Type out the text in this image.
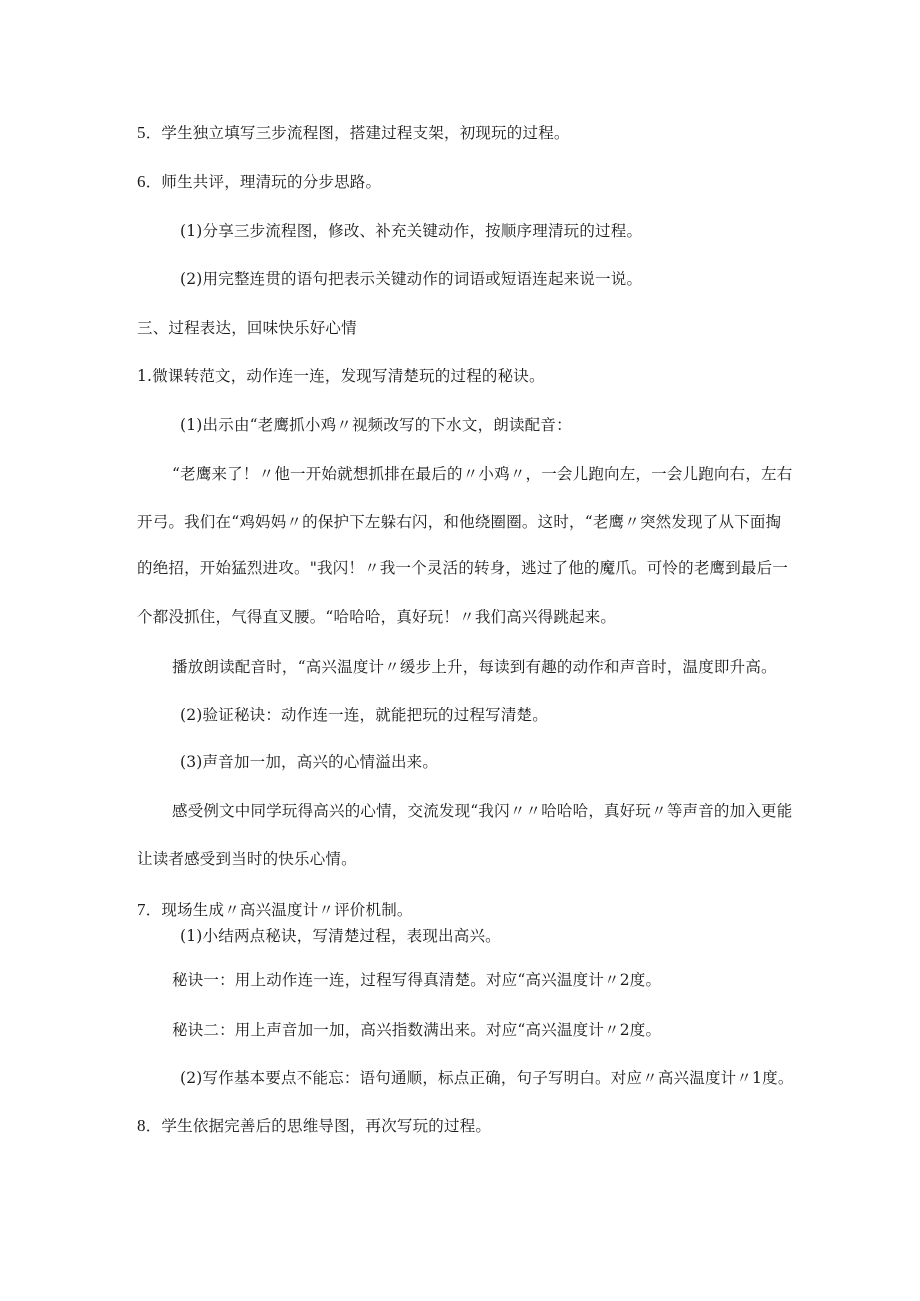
5．学生独立填写三步流程图，搭建过程支架，初现玩的过程。
6．师生共评，理清玩的分步思路。
(1)分享三步流程图，修改、补充关键动作，按顺序理清玩的过程。
(2)用完整连贯的语句把表示关键动作的词语或短语连起来说一说。
三、过程表达，回味快乐好心情
1.微课转范文，动作连一连，发现写清楚玩的过程的秘诀。
(1)出示由“老鹰抓小鸡〃视频改写的下水文，朗读配音：
“老鹰来了！〃他一开始就想抓排在最后的〃小鸡〃，一会儿跑向左，一会儿跑向右，左右
开弓。我们在“鸡妈妈〃的保护下左躲右闪，和他绕圈圈。这时，“老鹰〃突然发现了从下面掏
的绝招，开始猛烈进攻。"我闪！〃我一个灵活的转身，逃过了他的魔爪。可怜的老鹰到最后一
个都没抓住，气得直叉腰。“哈哈哈，真好玩！〃我们高兴得跳起来。
播放朗读配音时，“高兴温度计〃缓步上升，每读到有趣的动作和声音时，温度即升高。
(2)验证秘诀：动作连一连，就能把玩的过程写清楚。
(3)声音加一加，高兴的心情溢出来。
感受例文中同学玩得高兴的心情，交流发现“我闪〃〃哈哈哈，真好玩〃等声音的加入更能
让读者感受到当时的快乐心情。
7．现场生成〃高兴温度计〃评价机制。
(1)小结两点秘诀，写清楚过程，表现出高兴。
秘诀一：用上动作连一连，过程写得真清楚。对应“高兴温度计〃2度。
秘诀二：用上声音加一加，高兴指数满出来。对应“高兴温度计〃2度。
(2)写作基本要点不能忘：语句通顺，标点正确，句子写明白。对应〃高兴温度计〃1度。
8．学生依据完善后的思维导图，再次写玩的过程。
